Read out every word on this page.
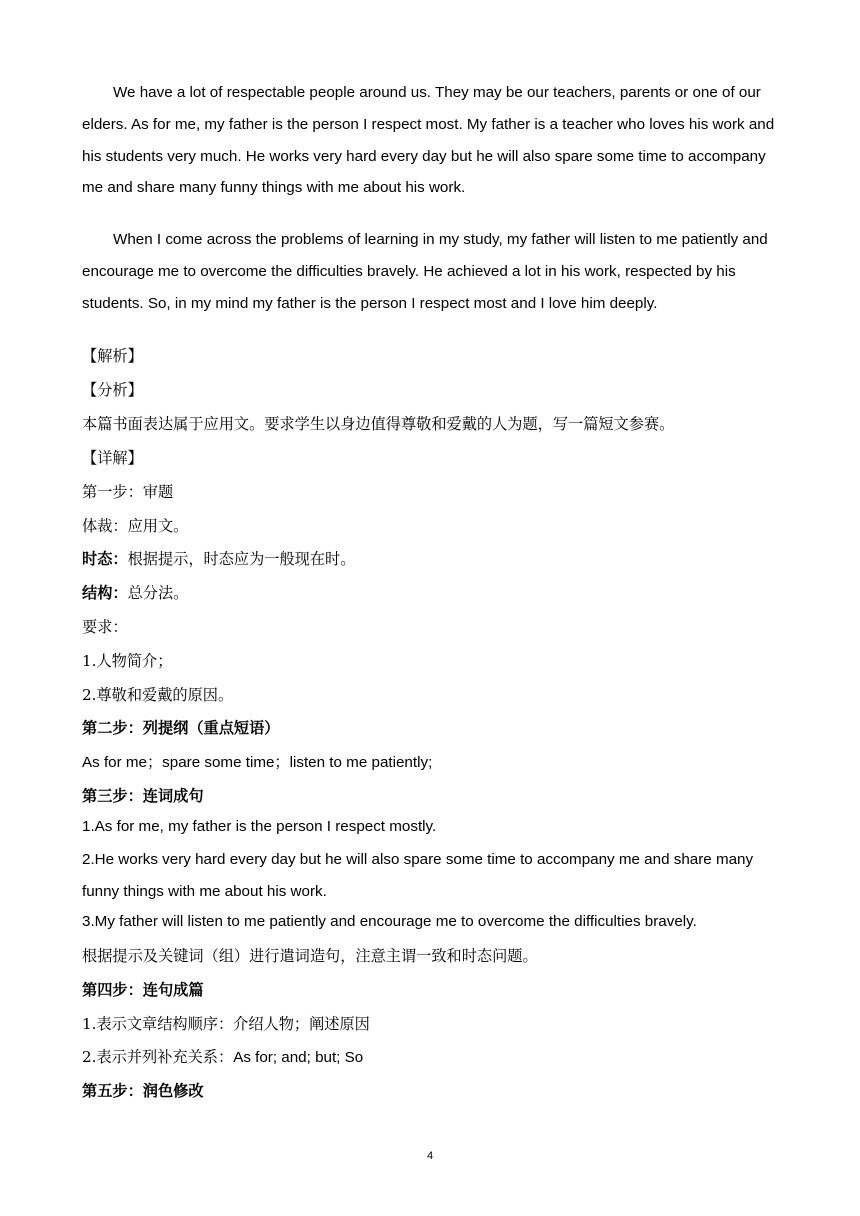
We have a lot of respectable people around us. They may be our teachers, parents or one of our elders. As for me, my father is the person I respect most. My father is a teacher who loves his work and his students very much. He works very hard every day but he will also spare some time to accompany me and share many funny things with me about his work.

When I come across the problems of learning in my study, my father will listen to me patiently and encourage me to overcome the difficulties bravely. He achieved a lot in his work, respected by his students. So, in my mind my father is the person I respect most and I love him deeply.

【解析】
【分析】
本篇书面表达属于应用文。要求学生以身边值得尊敬和爱戴的人为题，写一篇短文参赛。
【详解】
第一步：审题
体裁：应用文。
时态：根据提示，时态应为一般现在时。
结构：总分法。
要求：
1.人物简介；
2.尊敬和爱戴的原因。
第二步：列提纲（重点短语）
As for me；spare some time；listen to me patiently;
第三步：连词成句
1.As for me, my father is the person I respect mostly.
2.He works very hard every day but he will also spare some time to accompany me and share many funny things with me about his work.
3.My father will listen to me patiently and encourage me to overcome the difficulties bravely.
根据提示及关键词（组）进行遣词造句，注意主谓一致和时态问题。
第四步：连句成篇
1.表示文章结构顺序：介绍人物；阐述原因
2.表示并列补充关系：As for; and; but; So
第五步：润色修改
4
